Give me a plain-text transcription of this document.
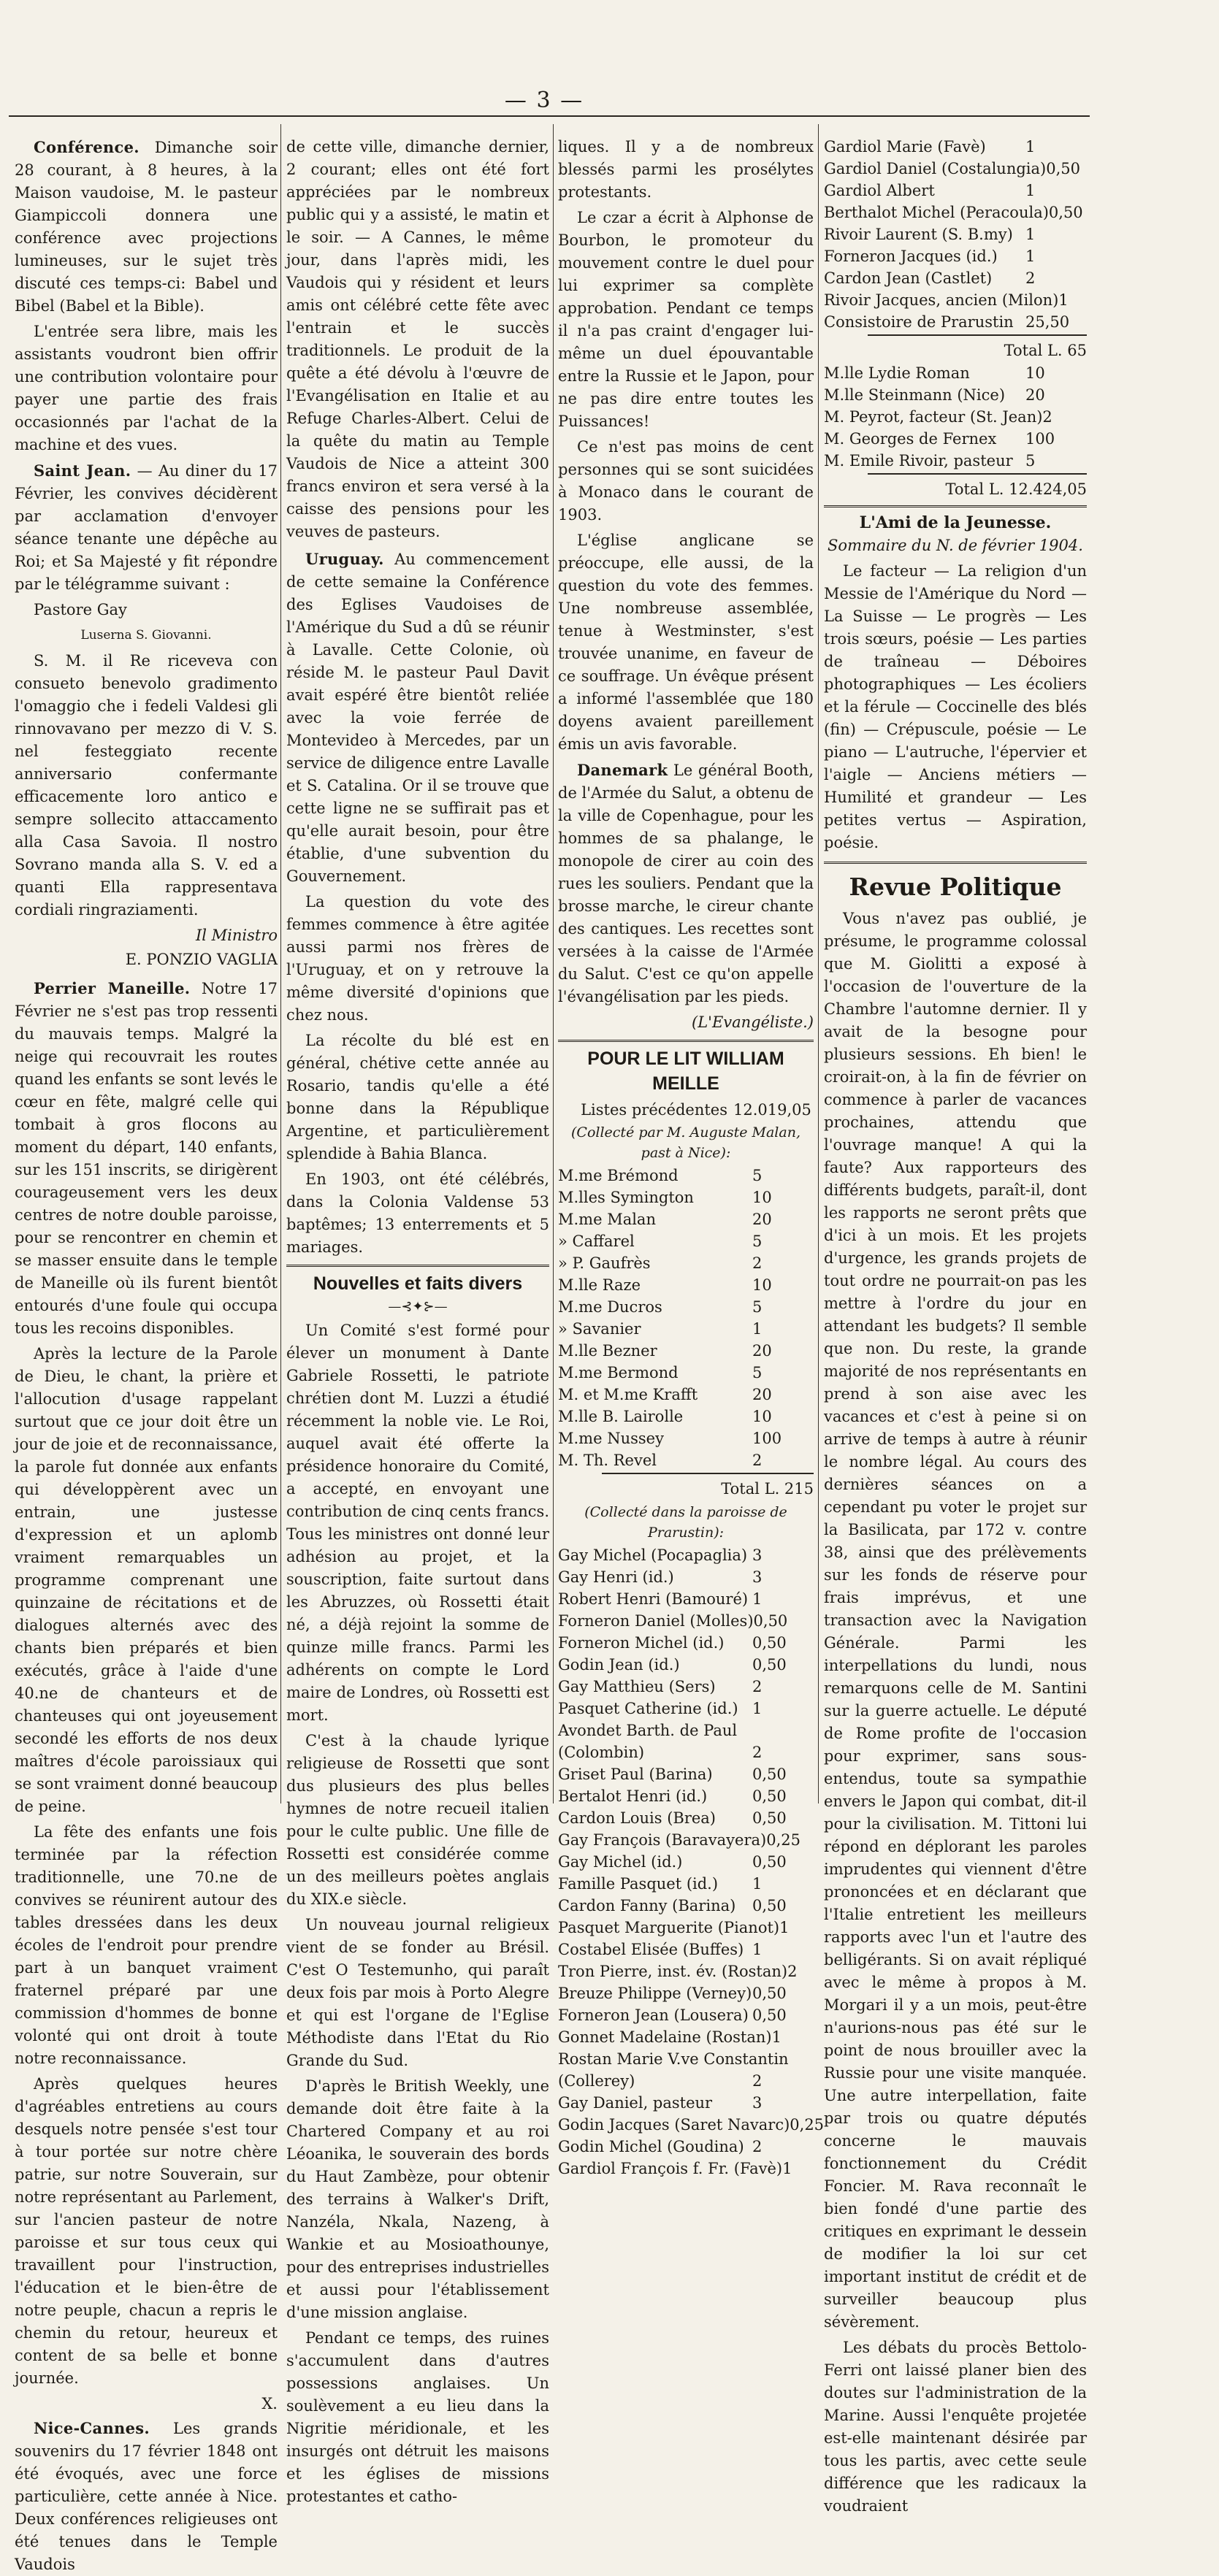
— 3 —

Conférence. Dimanche soir 28 courant, à 8 heures, à la Maison vaudoise, M. le pasteur Giampiccoli donnera une conférence avec projections lumineuses, sur le sujet très discuté ces temps-ci: Babel und Bibel (Babel et la Bible).

L'entrée sera libre, mais les assistants voudront bien offrir une contribution volontaire pour payer une partie des frais occasionnés par l'achat de la machine et des vues.

Saint Jean. — Au diner du 17 Février, les convives décidèrent par acclamation d'envoyer séance tenante une dépêche au Roi; et Sa Majesté y fit répondre par le télégramme suivant :

Pastore Gay

Luserna S. Giovanni.

S. M. il Re riceveva con consueto benevolo gradimento l'omaggio che i fedeli Valdesi gli rinnovavano per mezzo di V. S. nel festeggiato recente anniversario confermante efficacemente loro antico e sempre sollecito attaccamento alla Casa Savoia. Il nostro Sovrano manda alla S. V. ed a quanti Ella rappresentava cordiali ringraziamenti.

Il Ministro

E. PONZIO VAGLIA

Perrier Maneille. Notre 17 Février ne s'est pas trop ressenti du mauvais temps. Malgré la neige qui recouvrait les routes quand les enfants se sont levés le cœur en fête, malgré celle qui tombait à gros flocons au moment du départ, 140 enfants, sur les 151 inscrits, se dirigèrent courageusement vers les deux centres de notre double paroisse, pour se rencontrer en chemin et se masser ensuite dans le temple de Maneille où ils furent bientôt entourés d'une foule qui occupa tous les recoins disponibles.

Après la lecture de la Parole de Dieu, le chant, la prière et l'allocution d'usage rappelant surtout que ce jour doit être un jour de joie et de reconnaissance, la parole fut donnée aux enfants qui développèrent avec un entrain, une justesse d'expression et un aplomb vraiment remarquables un programme comprenant une quinzaine de récitations et de dialogues alternés avec des chants bien préparés et bien exécutés, grâce à l'aide d'une 40.ne de chanteurs et de chanteuses qui ont joyeusement secondé les efforts de nos deux maîtres d'école paroissiaux qui se sont vraiment donné beaucoup de peine.

La fête des enfants une fois terminée par la réfection traditionnelle, une 70.ne de convives se réunirent autour des tables dressées dans les deux écoles de l'endroit pour prendre part à un banquet vraiment fraternel préparé par une commission d'hommes de bonne volonté qui ont droit à toute notre reconnaissance.

Après quelques heures d'agréables entretiens au cours desquels notre pensée s'est tour à tour portée sur notre chère patrie, sur notre Souverain, sur notre représentant au Parlement, sur l'ancien pasteur de notre paroisse et sur tous ceux qui travaillent pour l'instruction, l'éducation et le bien-être de notre peuple, chacun a repris le chemin du retour, heureux et content de sa belle et bonne journée.

X.

Nice-Cannes. Les grands souvenirs du 17 février 1848 ont été évoqués, avec une force particulière, cette année à Nice. Deux conférences religieuses ont été tenues dans le Temple Vaudois

de cette ville, dimanche dernier, 2 courant; elles ont été fort appréciées par le nombreux public qui y a assisté, le matin et le soir. — A Cannes, le même jour, dans l'après midi, les Vaudois qui y résident et leurs amis ont célébré cette fête avec l'entrain et le succès traditionnels. Le produit de la quête a été dévolu à l'œuvre de l'Evangélisation en Italie et au Refuge Charles-Albert. Celui de la quête du matin au Temple Vaudois de Nice a atteint 300 francs environ et sera versé à la caisse des pensions pour les veuves de pasteurs.

Uruguay. Au commencement de cette semaine la Conférence des Eglises Vaudoises de l'Amérique du Sud a dû se réunir à Lavalle. Cette Colonie, où réside M. le pasteur Paul Davit avait espéré être bientôt reliée avec la voie ferrée de Montevideo à Mercedes, par un service de diligence entre Lavalle et S. Catalina. Or il se trouve que cette ligne ne se suffirait pas et qu'elle aurait besoin, pour être établie, d'une subvention du Gouvernement.

La question du vote des femmes commence à être agitée aussi parmi nos frères de l'Uruguay, et on y retrouve la même diversité d'opinions que chez nous.

La récolte du blé est en général, chétive cette année au Rosario, tandis qu'elle a été bonne dans la République Argentine, et particulièrement splendide à Bahia Blanca.

En 1903, ont été célébrés, dans la Colonia Valdense 53 baptêmes; 13 enterrements et 5 mariages.

Nouvelles et faits divers
—⊰✦⊱—

Un Comité s'est formé pour élever un monument à Dante Gabriele Rossetti, le patriote chrétien dont M. Luzzi a étudié récemment la noble vie. Le Roi, auquel avait été offerte la présidence honoraire du Comité, a accepté, en envoyant une contribution de cinq cents francs. Tous les ministres ont donné leur adhésion au projet, et la souscription, faite surtout dans les Abruzzes, où Rossetti était né, a déjà rejoint la somme de quinze mille francs. Parmi les adhérents on compte le Lord maire de Londres, où Rossetti est mort.

C'est à la chaude lyrique religieuse de Rossetti que sont dus plusieurs des plus belles hymnes de notre recueil italien pour le culte public. Une fille de Rossetti est considérée comme un des meilleurs poètes anglais du XIX.e siècle.

Un nouveau journal religieux vient de se fonder au Brésil. C'est O Testemunho, qui paraît deux fois par mois à Porto Alegre et qui est l'organe de l'Eglise Méthodiste dans l'Etat du Rio Grande du Sud.

D'après le British Weekly, une demande doit être faite à la Chartered Company et au roi Léoanika, le souverain des bords du Haut Zambèze, pour obtenir des terrains à Walker's Drift, Nanzéla, Nkala, Nazeng, à Wankie et au Mosioathounye, pour des entreprises industrielles et aussi pour l'établissement d'une mission anglaise.

Pendant ce temps, des ruines s'accumulent dans d'autres possessions anglaises. Un soulèvement a eu lieu dans la Nigritie méridionale, et les insurgés ont détruit les maisons et les églises de missions protestantes et catho-

liques. Il y a de nombreux blessés parmi les prosélytes protestants.

Le czar a écrit à Alphonse de Bourbon, le promoteur du mouvement contre le duel pour lui exprimer sa complète approbation. Pendant ce temps il n'a pas craint d'engager lui-même un duel épouvantable entre la Russie et le Japon, pour ne pas dire entre toutes les Puissances!

Ce n'est pas moins de cent personnes qui se sont suicidées à Monaco dans le courant de 1903.

L'église anglicane se préoccupe, elle aussi, de la question du vote des femmes. Une nombreuse assemblée, tenue à Westminster, s'est trouvée unanime, en faveur de ce souffrage. Un évêque présent a informé l'assemblée que 180 doyens avaient pareillement émis un avis favorable.

Danemark Le général Booth, de l'Armée du Salut, a obtenu de la ville de Copenhague, pour les hommes de sa phalange, le monopole de cirer au coin des rues les souliers. Pendant que la brosse marche, le cireur chante des cantiques. Les recettes sont versées à la caisse de l'Armée du Salut. C'est ce qu'on appelle l'évangélisation par les pieds.

(L'Evangéliste.)

POUR LE LIT WILLIAM MEILLE
Listes précédentes 12.019,05
(Collecté par M. Auguste Malan, past à Nice):
M.me Brémond	5
M.lles Symington	10
M.me Malan	20
» Caffarel	5
» P. Gaufrès	2
M.lle Raze	10
M.me Ducros	5
» Savanier	1
M.lle Bezner	20
M.me Bermond	5
M. et M.me Krafft	20
M.lle B. Lairolle	10
M.me Nussey	100
M. Th. Revel	2
Total L. 215
(Collecté dans la paroisse de Prarustin):
Gay Michel (Pocapaglia) 3
Gay Henri (id.)	3
Robert Henri (Bamouré) 1
Forneron Daniel (Molles) 0,50
Forneron Michel (id.)	0,50
Godin Jean (id.)	0,50
Gay Matthieu (Sers)	2
Pasquet Catherine (id.) 1
Avondet Barth. de Paul
(Colombin)	2
Griset Paul (Barina)	0,50
Bertalot Henri (id.)	0,50
Cardon Louis (Brea)	0,50
Gay François (Baravayera) 0,25
Gay Michel (id.)	0,50
Famille Pasquet (id.)	1
Cardon Fanny (Barina)	0,50
Pasquet Marguerite (Pianot) 1
Costabel Elisée (Buffes) 1
Tron Pierre, inst. év. (Rostan) 2
Breuze Philippe (Verney) 0,50
Forneron Jean (Lousera) 0,50
Gonnet Madelaine (Rostan) 1
Rostan Marie V.ve Constantin
(Collerey)	2
Gay Daniel, pasteur	3
Godin Jacques (Saret Navarc) 0,25
Godin Michel (Goudina) 2
Gardiol François f. Fr. (Favè) 1
Gardiol Marie (Favè)	1
Gardiol Daniel (Costalungia) 0,50
Gardiol Albert	1
Berthalot Michel (Peracoula) 0,50
Rivoir Laurent (S. B.my) 1
Forneron Jacques (id.)	1
Cardon Jean (Castlet)	2
Rivoir Jacques, ancien (Milon) 1
Consistoire de Prarustin 25,50
Total L. 65
M.lle Lydie Roman	10
M.lle Steinmann (Nice)	20
M. Peyrot, facteur (St. Jean) 2
M. Georges de Fernex	100
M. Emile Rivoir, pasteur 5
Total L. 12.424,05
L'Ami de la Jeunesse.

Sommaire du N. de février 1904.

Le facteur — La religion d'un Messie de l'Amérique du Nord — La Suisse — Le progrès — Les trois sœurs, poésie — Les parties de traîneau — Déboires photographiques — Les écoliers et la férule — Coccinelle des blés (fin) — Crépuscule, poésie — Le piano — L'autruche, l'épervier et l'aigle — Anciens métiers — Humilité et grandeur — Les petites vertus — Aspiration, poésie.

Revue Politique

Vous n'avez pas oublié, je présume, le programme colossal que M. Giolitti a exposé à l'occasion de l'ouverture de la Chambre l'automne dernier. Il y avait de la besogne pour plusieurs sessions. Eh bien! le croirait-on, à la fin de février on commence à parler de vacances prochaines, attendu que l'ouvrage manque! A qui la faute? Aux rapporteurs des différents budgets, paraît-il, dont les rapports ne seront prêts que d'ici à un mois. Et les projets d'urgence, les grands projets de tout ordre ne pourrait-on pas les mettre à l'ordre du jour en attendant les budgets? Il semble que non. Du reste, la grande majorité de nos représentants en prend à son aise avec les vacances et c'est à peine si on arrive de temps à autre à réunir le nombre légal. Au cours des dernières séances on a cependant pu voter le projet sur la Basilicata, par 172 v. contre 38, ainsi que des prélèvements sur les fonds de réserve pour frais imprévus, et une transaction avec la Navigation Générale. Parmi les interpellations du lundi, nous remarquons celle de M. Santini sur la guerre actuelle. Le député de Rome profite de l'occasion pour exprimer, sans sous-entendus, toute sa sympathie envers le Japon qui combat, dit-il pour la civilisation. M. Tittoni lui répond en déplorant les paroles imprudentes qui viennent d'être prononcées et en déclarant que l'Italie entretient les meilleurs rapports avec l'un et l'autre des belligérants. Si on avait répliqué avec le même à propos à M. Morgari il y a un mois, peut-être n'aurions-nous pas été sur le point de nous brouiller avec la Russie pour une visite manquée. Une autre interpellation, faite par trois ou quatre députés concerne le mauvais fonctionnement du Crédit Foncier. M. Rava reconnaît le bien fondé d'une partie des critiques en exprimant le dessein de modifier la loi sur cet important institut de crédit et de surveiller beaucoup plus sévèrement.

Les débats du procès Bettolo-Ferri ont laissé planer bien des doutes sur l'administration de la Marine. Aussi l'enquête projetée est-elle maintenant désirée par tous les partis, avec cette seule différence que les radicaux la voudraient
